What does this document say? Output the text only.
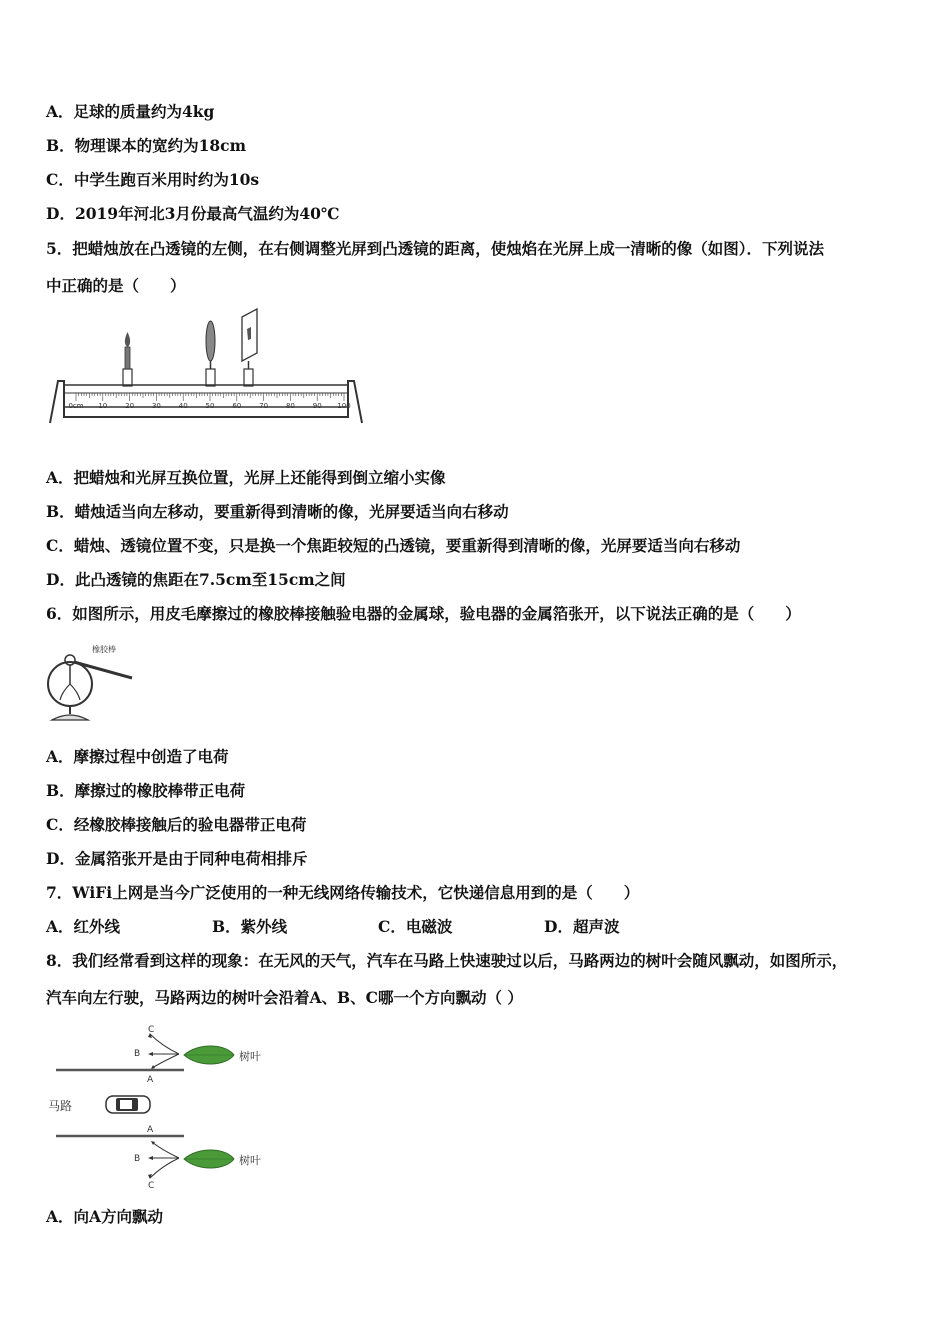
A．足球的质量约为4kg
B．物理课本的宽约为18cm
C．中学生跑百米用时约为10s
D．2019年河北3月份最高气温约为40℃
5．把蜡烛放在凸透镜的左侧，在右侧调整光屏到凸透镜的距离，使烛焰在光屏上成一清晰的像（如图）．下列说法
中正确的是（　　）
0cm 10	20	30	40	50	60	70	80	90 100
A．把蜡烛和光屏互换位置，光屏上还能得到倒立缩小实像
B．蜡烛适当向左移动，要重新得到清晰的像，光屏要适当向右移动
C．蜡烛、透镜位置不变，只是换一个焦距较短的凸透镜，要重新得到清晰的像，光屏要适当向右移动
D．此凸透镜的焦距在7.5cm至15cm之间
6．如图所示，用皮毛摩擦过的橡胶棒接触验电器的金属球，验电器的金属箔张开，以下说法正确的是（　　）
橡胶棒
A．摩擦过程中创造了电荷
B．摩擦过的橡胶棒带正电荷
C．经橡胶棒接触后的验电器带正电荷
D．金属箔张开是由于同种电荷相排斥
7．WiFi上网是当今广泛使用的一种无线网络传输技术，它快递信息用到的是（　　）
A．红外线	B．紫外线	C．电磁波	D．超声波
8．我们经常看到这样的现象：在无风的天气，汽车在马路上快速驶过以后，马路两边的树叶会随风飘动，如图所示，
汽车向左行驶，马路两边的树叶会沿着A、B、C哪一个方向飘动（ ）
C
B
A
树叶
马路
A
B
C
树叶
A．向A方向飘动
